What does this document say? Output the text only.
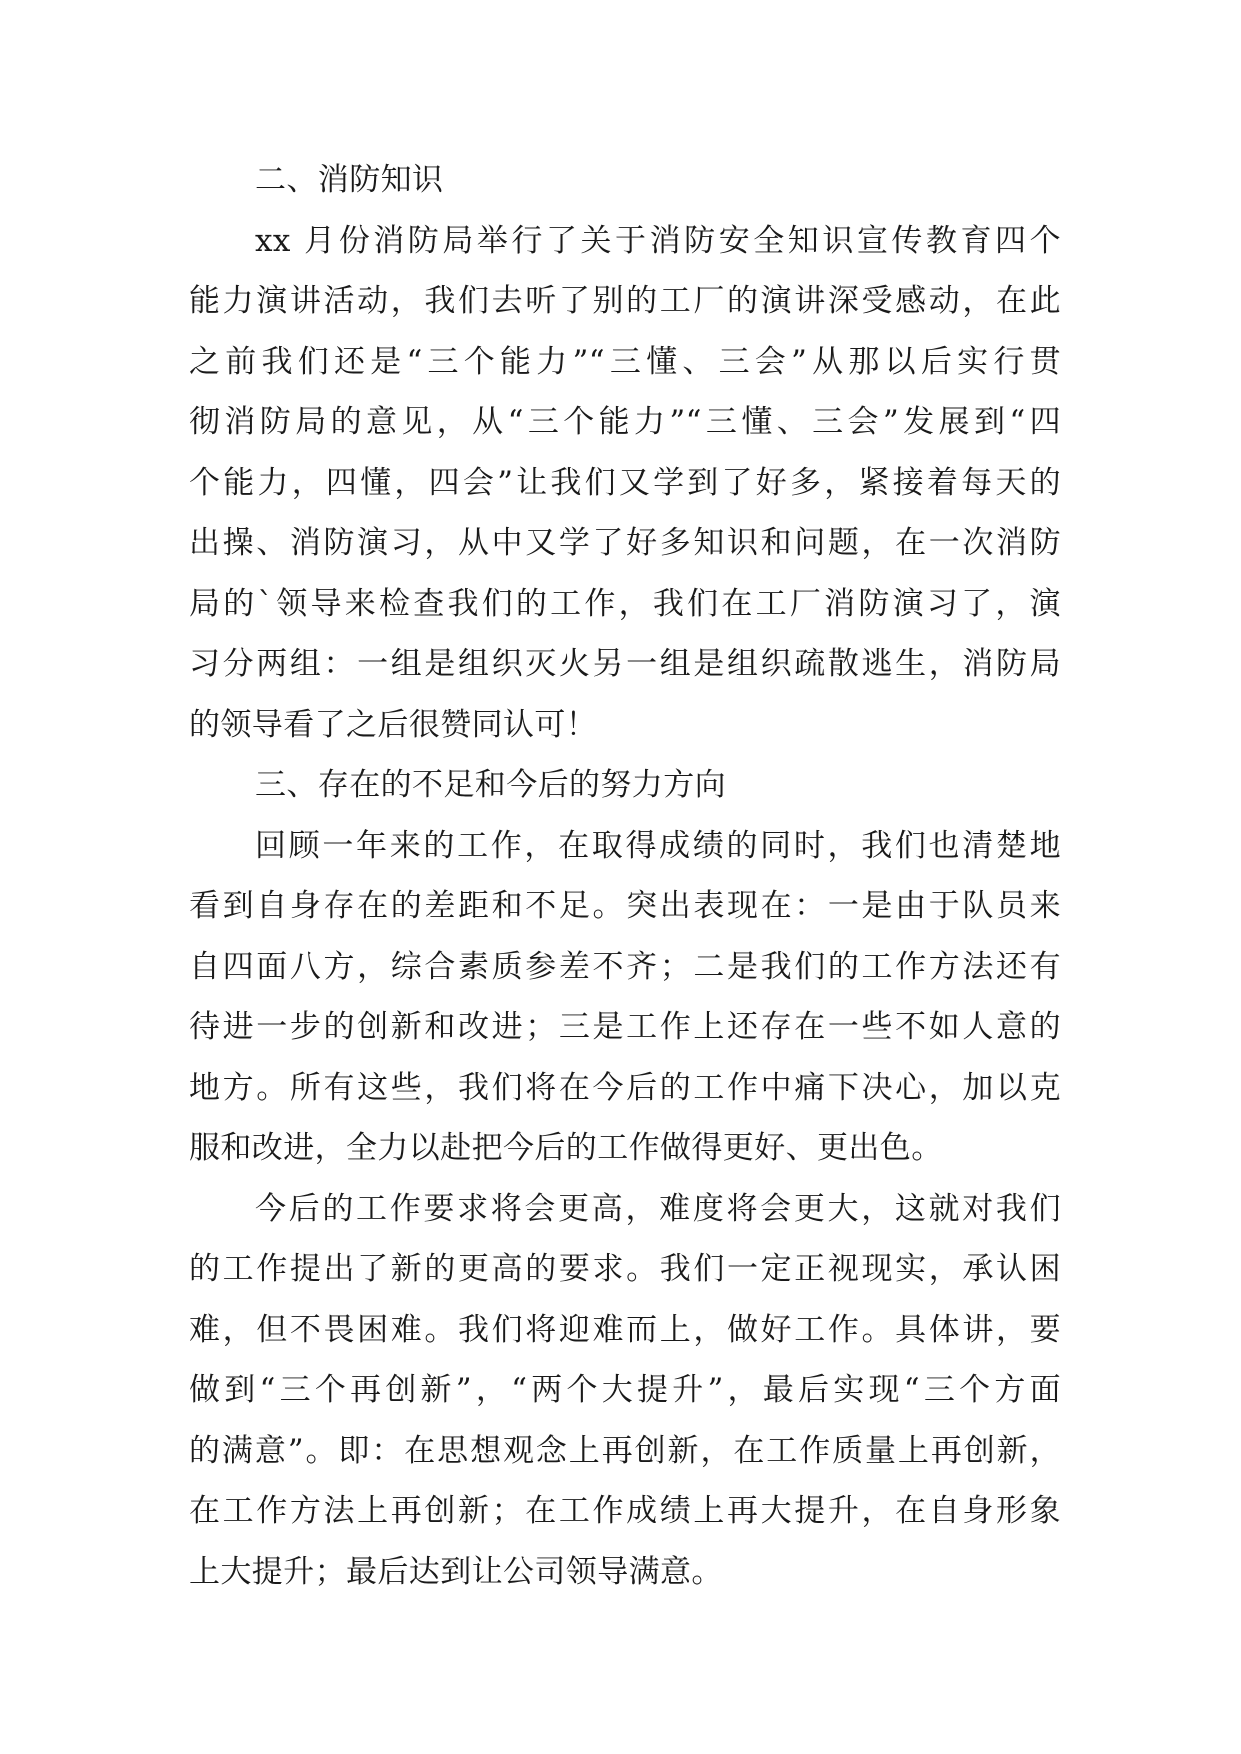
二、消防知识
xx 月份消防局举行了关于消防安全知识宣传教育四个
能力演讲活动，我们去听了别的工厂的演讲深受感动，在此
之前我们还是“三个能力”“三懂、三会”从那以后实行贯
彻消防局的意见，从“三个能力”“三懂、三会”发展到“四
个能力，四懂，四会”让我们又学到了好多，紧接着每天的
出操、消防演习，从中又学了好多知识和问题，在一次消防
局的`领导来检查我们的工作，我们在工厂消防演习了，演
习分两组：一组是组织灭火另一组是组织疏散逃生，消防局
的领导看了之后很赞同认可！
三、存在的不足和今后的努力方向
回顾一年来的工作，在取得成绩的同时，我们也清楚地
看到自身存在的差距和不足。突出表现在：一是由于队员来
自四面八方，综合素质参差不齐；二是我们的工作方法还有
待进一步的创新和改进；三是工作上还存在一些不如人意的
地方。所有这些，我们将在今后的工作中痛下决心，加以克
服和改进，全力以赴把今后的工作做得更好、更出色。
今后的工作要求将会更高，难度将会更大，这就对我们
的工作提出了新的更高的要求。我们一定正视现实，承认困
难，但不畏困难。我们将迎难而上，做好工作。具体讲，要
做到“三个再创新”，“两个大提升”，最后实现“三个方面
的满意”。即：在思想观念上再创新，在工作质量上再创新，
在工作方法上再创新；在工作成绩上再大提升，在自身形象
上大提升；最后达到让公司领导满意。
